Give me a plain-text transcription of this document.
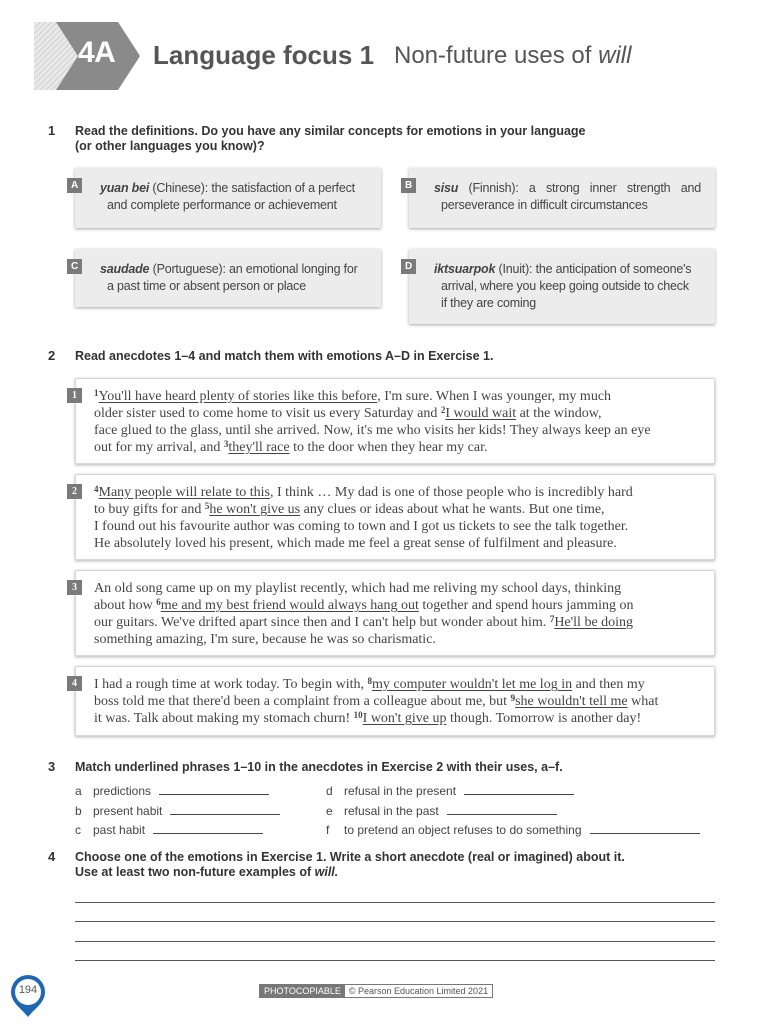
4A Language focus 1 Non-future uses of will
1 Read the definitions. Do you have any similar concepts for emotions in your language
(or other languages you know)?
A	yuan bei (Chinese): the satisfaction of a perfect
and complete performance or achievement
B	sisu (Finnish): a strong inner strength and
perseverance in difficult circumstances
C	saudade (Portuguese): an emotional longing for
a past time or absent person or place
D	iktsuarpok (Inuit): the anticipation of someone's
arrival, where you keep going outside to check
if they are coming
2 Read anecdotes 1–4 and match them with emotions A–D in Exercise 1.
1	$^1$You'll have heard plenty of stories like this before, I'm sure. When I was younger, my much
older sister used to come home to visit us every Saturday and $^2$I would wait at the window,
face glued to the glass, until she arrived. Now, it's me who visits her kids! They always keep an eye
out for my arrival, and $^3$they'll race to the door when they hear my car.
2	$^4$Many people will relate to this, I think … My dad is one of those people who is incredibly hard
to buy gifts for and $^5$he won't give us any clues or ideas about what he wants. But one time,
I found out his favourite author was coming to town and I got us tickets to see the talk together.
He absolutely loved his present, which made me feel a great sense of fulfilment and pleasure.
3	An old song came up on my playlist recently, which had me reliving my school days, thinking
about how $^6$me and my best friend would always hang out together and spend hours jamming on
our guitars. We've drifted apart since then and I can't help but wonder about him. $^7$He'll be doing
something amazing, I'm sure, because he was so charismatic.
4	I had a rough time at work today. To begin with, $^8$my computer wouldn't let me log in and then my
boss told me that there'd been a complaint from a colleague about me, but $^9$she wouldn't tell me what
it was. Talk about making my stomach churn! $^{10}$I won't give up though. Tomorrow is another day!
3 Match underlined phrases 1–10 in the anecdotes in Exercise 2 with their uses, a–f.
a predictions
b present habit
c past habit
d refusal in the present
e refusal in the past
f to pretend an object refuses to do something
4 Choose one of the emotions in Exercise 1. Write a short anecdote (real or imagined) about it.
Use at least two non-future examples of will.
194	PHOTOCOPIABLE © Pearson Education Limited 2021
